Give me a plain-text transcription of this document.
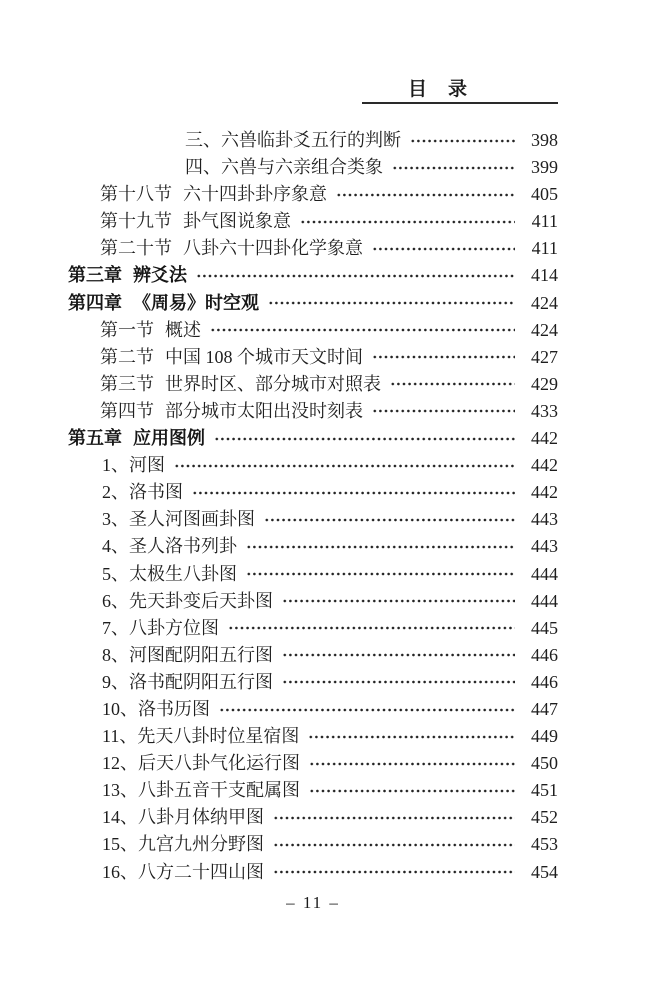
目　录
三、六兽临卦爻五行的判断	398
四、六兽与六亲组合类象	399
第十八节 六十四卦卦序象意	405
第十九节 卦气图说象意	411
第二十节 八卦六十四卦化学象意	411
第三章 辨爻法	414
第四章 《周易》时空观	424
第一节 概述	424
第二节 中国 108 个城市天文时间	427
第三节 世界时区、部分城市对照表	429
第四节 部分城市太阳出没时刻表	433
第五章 应用图例	442
1、河图	442
2、洛书图	442
3、圣人河图画卦图	443
4、圣人洛书列卦	443
5、太极生八卦图	444
6、先天卦变后天卦图	444
7、八卦方位图	445
8、河图配阴阳五行图	446
9、洛书配阴阳五行图	446
10、洛书历图	447
11、先天八卦时位星宿图	449
12、后天八卦气化运行图	450
13、八卦五音干支配属图	451
14、八卦月体纳甲图	452
15、九宫九州分野图	453
16、八方二十四山图	454
– 11 –
